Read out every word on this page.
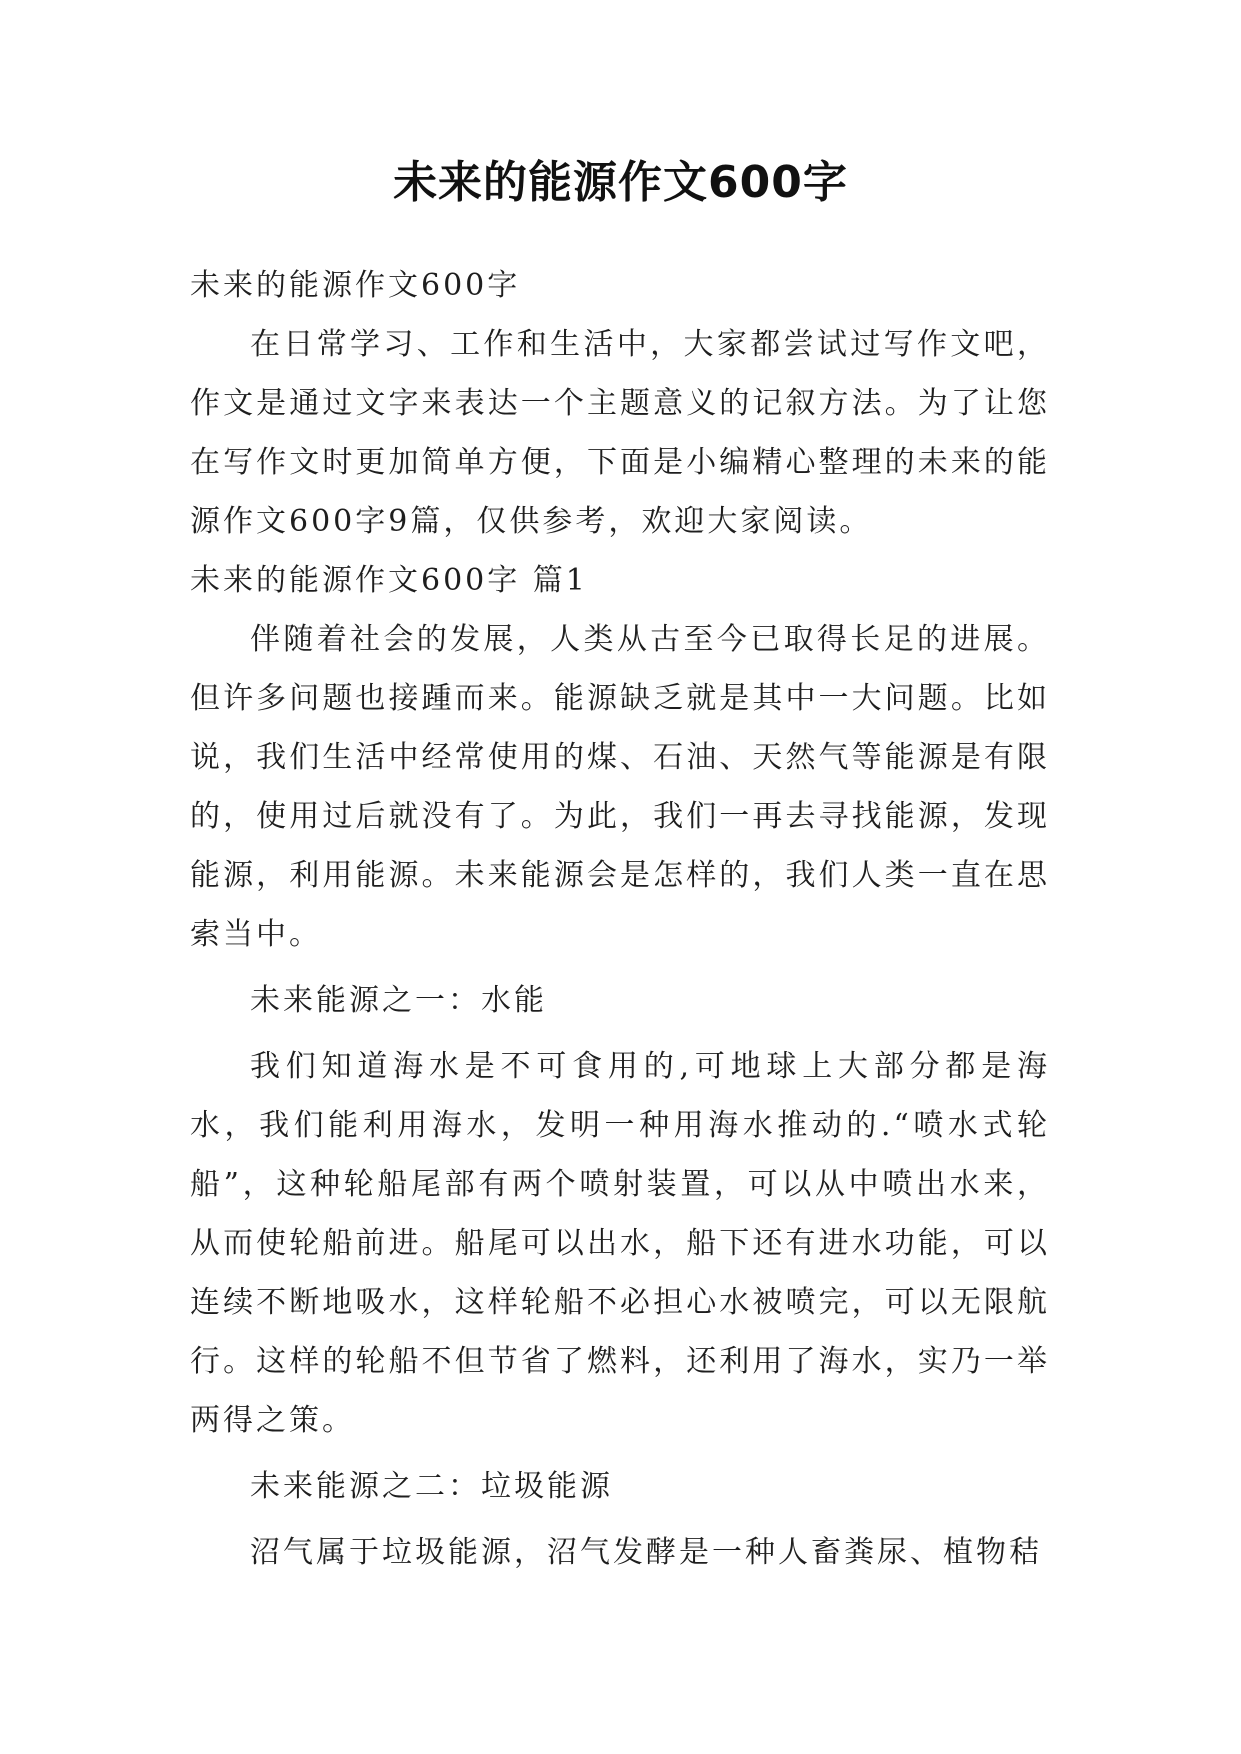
未来的能源作文600字

未来的能源作文600字

在日常学习、工作和生活中，大家都尝试过写作文吧，作文是通过文字来表达一个主题意义的记叙方法。为了让您在写作文时更加简单方便，下面是小编精心整理的未来的能源作文600字9篇，仅供参考，欢迎大家阅读。

未来的能源作文600字 篇1

伴随着社会的发展，人类从古至今已取得长足的进展。但许多问题也接踵而来。能源缺乏就是其中一大问题。比如说，我们生活中经常使用的煤、石油、天然气等能源是有限的，使用过后就没有了。为此，我们一再去寻找能源，发现能源，利用能源。未来能源会是怎样的，我们人类一直在思索当中。

未来能源之一：水能

我们知道海水是不可食用的,可地球上大部分都是海水，我们能利用海水，发明一种用海水推动的.“喷水式轮船”，这种轮船尾部有两个喷射装置，可以从中喷出水来，从而使轮船前进。船尾可以出水，船下还有进水功能，可以连续不断地吸水，这样轮船不必担心水被喷完，可以无限航行。这样的轮船不但节省了燃料，还利用了海水，实乃一举两得之策。

未来能源之二：垃圾能源

沼气属于垃圾能源，沼气发酵是一种人畜粪尿、植物秸
